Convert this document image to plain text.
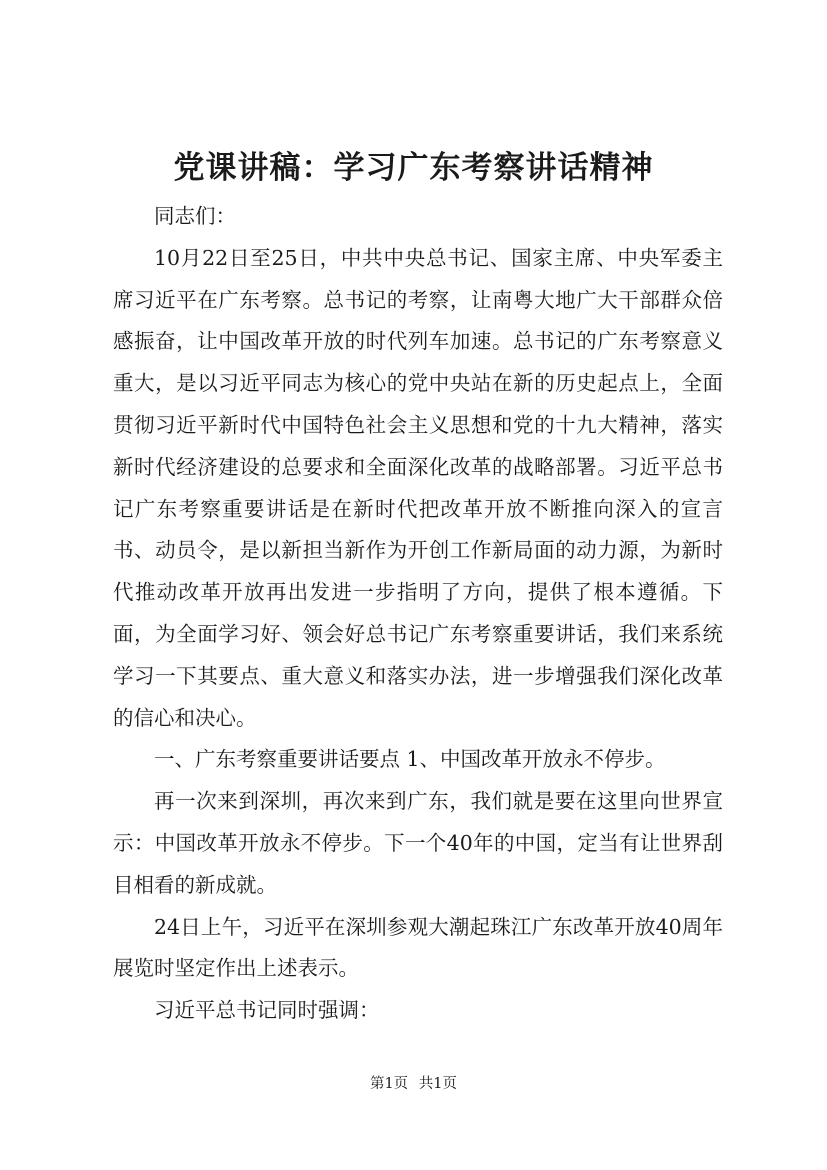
党课讲稿：学习广东考察讲话精神

同志们：

10月22日至25日，中共中央总书记、国家主席、中央军委主席习近平在广东考察。总书记的考察，让南粤大地广大干部群众倍感振奋，让中国改革开放的时代列车加速。总书记的广东考察意义重大，是以习近平同志为核心的党中央站在新的历史起点上，全面贯彻习近平新时代中国特色社会主义思想和党的十九大精神，落实新时代经济建设的总要求和全面深化改革的战略部署。习近平总书记广东考察重要讲话是在新时代把改革开放不断推向深入的宣言书、动员令，是以新担当新作为开创工作新局面的动力源，为新时代推动改革开放再出发进一步指明了方向，提供了根本遵循。下面，为全面学习好、领会好总书记广东考察重要讲话，我们来系统学习一下其要点、重大意义和落实办法，进一步增强我们深化改革的信心和决心。

一、广东考察重要讲话要点 1、中国改革开放永不停步。

再一次来到深圳，再次来到广东，我们就是要在这里向世界宣示：中国改革开放永不停步。下一个40年的中国，定当有让世界刮目相看的新成就。

24日上午，习近平在深圳参观大潮起珠江广东改革开放40周年展览时坚定作出上述表示。

习近平总书记同时强调：

第1页 共1页
